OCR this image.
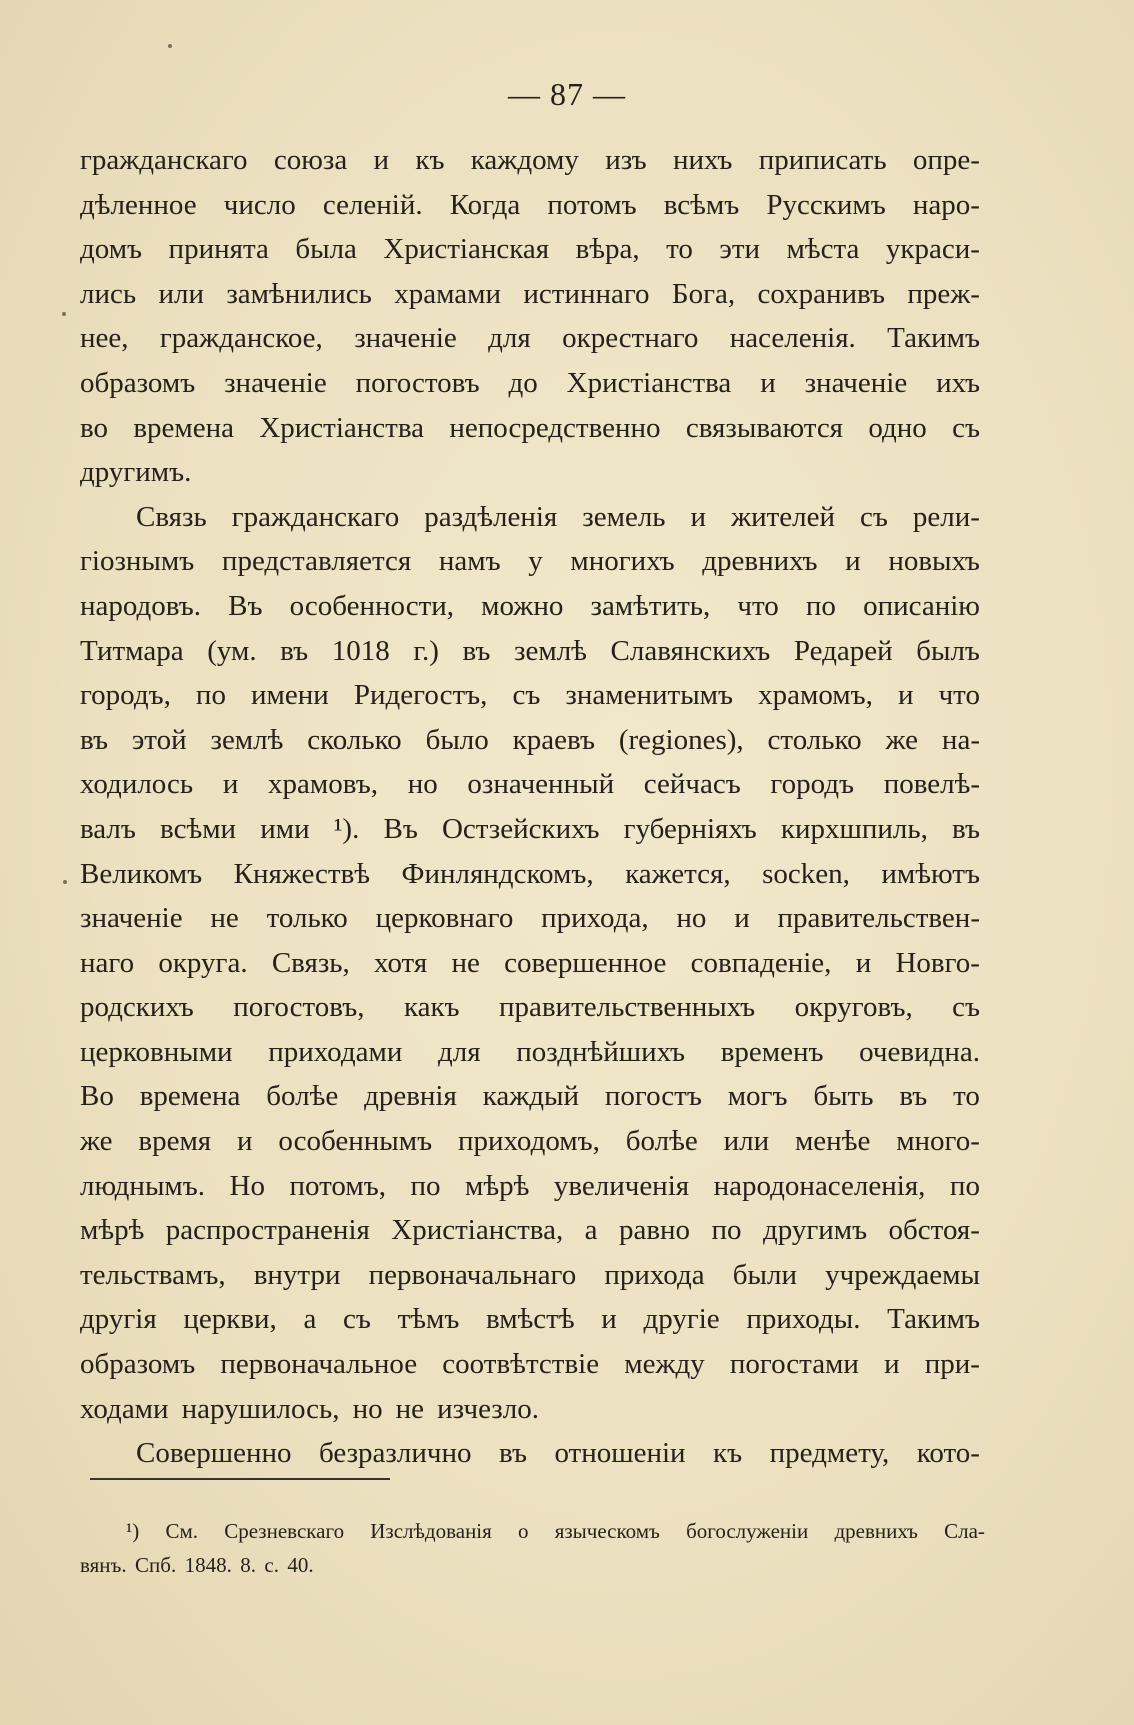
— 87 —
гражданскаго союза и къ каждому изъ нихъ приписать опре-
дѣленное число селеній. Когда потомъ всѣмъ Русскимъ наро-
домъ принята была Христіанская вѣра, то эти мѣста украси-
лись или замѣнились храмами истиннаго Бога, сохранивъ преж-
нее, гражданское, значеніе для окрестнаго населенія. Такимъ
образомъ значеніе погостовъ до Христіанства и значеніе ихъ
во времена Христіанства непосредственно связываются одно съ
другимъ.
Связь гражданскаго раздѣленія земель и жителей съ рели-
гіознымъ представляется намъ у многихъ древнихъ и новыхъ
народовъ. Въ особенности, можно замѣтить, что по описанію
Титмара (ум. въ 1018 г.) въ землѣ Славянскихъ Редарей былъ
городъ, по имени Ридегостъ, съ знаменитымъ храмомъ, и что
въ этой землѣ сколько было краевъ (regiones), столько же на-
ходилось и храмовъ, но означенный сейчасъ городъ повелѣ-
валъ всѣми ими ¹). Въ Остзейскихъ губерніяхъ кирхшпиль, въ
Великомъ Княжествѣ Финляндскомъ, кажется, socken, имѣютъ
значеніе не только церковнаго прихода, но и правительствен-
наго округа. Связь, хотя не совершенное совпаденіе, и Новго-
родскихъ погостовъ, какъ правительственныхъ округовъ, съ
церковными приходами для позднѣйшихъ временъ очевидна.
Во времена болѣе древнія каждый погостъ могъ быть въ то
же время и особеннымъ приходомъ, болѣе или менѣе много-
люднымъ. Но потомъ, по мѣрѣ увеличенія народонаселенія, по
мѣрѣ распространенія Христіанства, а равно по другимъ обстоя-
тельствамъ, внутри первоначальнаго прихода были учреждаемы
другія церкви, а съ тѣмъ вмѣстѣ и другіе приходы. Такимъ
образомъ первоначальное соотвѣтствіе между погостами и при-
ходами нарушилось, но не изчезло.
Совершенно безразлично въ отношеніи къ предмету, кото-
¹) См. Срезневскаго Изслѣдованія о языческомъ богослуженіи древнихъ Сла-
вянъ. Спб. 1848. 8. с. 40.
